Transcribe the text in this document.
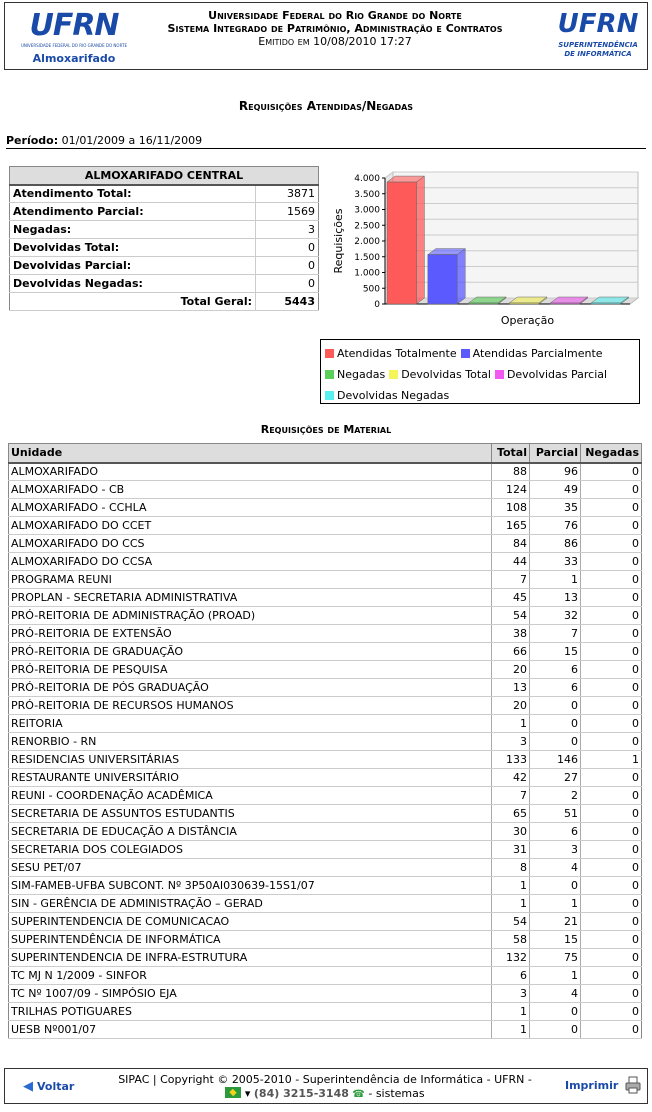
UFRN
UNIVERSIDADE FEDERAL DO RIO GRANDE DO NORTE
Almoxarifado
Universidade Federal do Rio Grande do Norte
Sistema Integrado de Patrimônio, Administração e Contratos
Emitido em 10/08/2010 17:27
UFRN
SUPERINTENDÊNCIA
DE INFORMÁTICA
Requisições Atendidas/Negadas
Período: 01/01/2009 a 16/11/2009
ALMOXARIFADO CENTRAL	
Atendimento Total:	3871
Atendimento Parcial:	1569
Negadas:	3
Devolvidas Total:	0
Devolvidas Parcial:	0
Devolvidas Negadas:	0
Total Geral:	5443	0
500
1.000
1.500
2.000
2.500
3.000
3.500
4.000
Operação
Requisições
Atendidas Totalmente Atendidas ParcialmenteNegadas Devolvidas Total Devolvidas ParcialDevolvidas Negadas
Requisições de Material
Unidade	Total	Parcial	Negadas
ALMOXARIFADO	88	96	0
ALMOXARIFADO - CB	124	49	0
ALMOXARIFADO - CCHLA	108	35	0
ALMOXARIFADO DO CCET	165	76	0
ALMOXARIFADO DO CCS	84	86	0
ALMOXARIFADO DO CCSA	44	33	0
PROGRAMA REUNI	7	1	0
PROPLAN - SECRETARIA ADMINISTRATIVA	45	13	0
PRÓ-REITORIA DE ADMINISTRAÇÃO (PROAD)	54	32	0
PRÓ-REITORIA DE EXTENSÃO	38	7	0
PRÓ-REITORIA DE GRADUAÇÃO	66	15	0
PRÓ-REITORIA DE PESQUISA	20	6	0
PRÓ-REITORIA DE PÓS GRADUAÇÃO	13	6	0
PRÓ-REITORIA DE RECURSOS HUMANOS	20	0	0
REITORIA	1	0	0
RENORBIO - RN	3	0	0
RESIDENCIAS UNIVERSITÁRIAS	133	146	1
RESTAURANTE UNIVERSITÁRIO	42	27	0
REUNI - COORDENAÇÃO ACADÊMICA	7	2	0
SECRETARIA DE ASSUNTOS ESTUDANTIS	65	51	0
SECRETARIA DE EDUCAÇÃO A DISTÂNCIA	30	6	0
SECRETARIA DOS COLEGIADOS	31	3	0
SESU PET/07	8	4	0
SIM-FAMEB-UFBA SUBCONT. Nº 3P50AI030639-15S1/07	1	0	0
SIN - GERÊNCIA DE ADMINISTRAÇÃO – GERAD	1	1	0
SUPERINTENDENCIA DE COMUNICACAO	54	21	0
SUPERINTENDÊNCIA DE INFORMÁTICA	58	15	0
SUPERINTENDENCIA DE INFRA-ESTRUTURA	132	75	0
TC MJ N 1/2009 - SINFOR	6	1	0
TC Nº 1007/09 - SIMPÓSIO EJA	3	4	0
TRILHAS POTIGUARES	1	0	0
UESB Nº001/07	1	0	0
◀ Voltar
SIPAC | Copyright © 2005-2010 - Superintendência de Informática - UFRN -
▾ (84) 3215-3148 ☎ - sistemas
Imprimir
